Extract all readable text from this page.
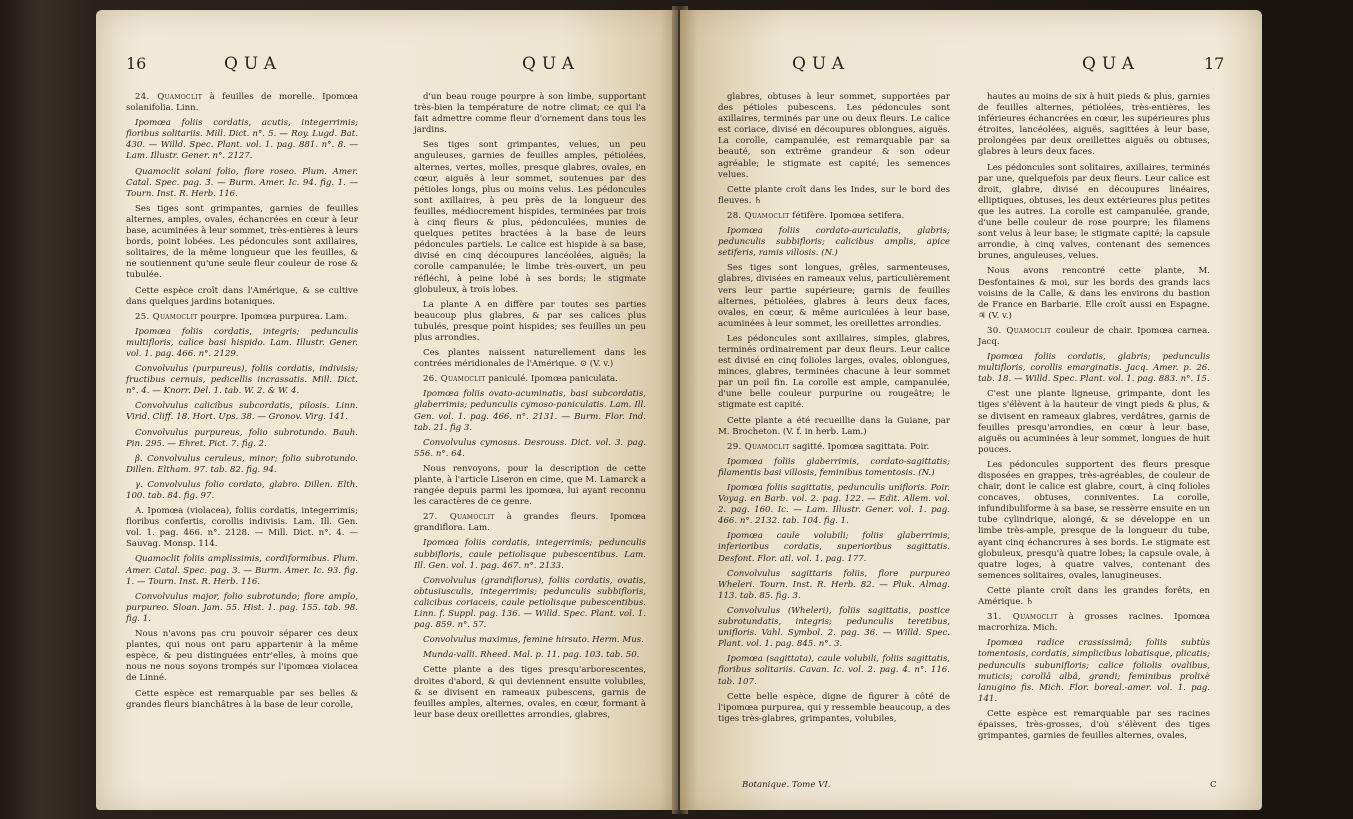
16	QUA	QUA

24. Quamoclit à feuilles de morelle. Ipomœa solanifolia. Linn.

Ipomœa foliis cordatis, acutis, integerrimis; floribus solitariis. Mill. Dict. n°. 5. — Roy. Lugd. Bat. 430. — Willd. Spec. Plant. vol. 1. pag. 881. n°. 8. — Lam. Illustr. Gener. n°. 2127.

Quamoclit solani folio, flore roseo. Plum. Amer. Catal. Spec. pag. 3. — Burm. Amer. Ic. 94. fig. 1. — Tourn. Inst. R. Herb. 116.

Ses tiges sont grimpantes, garnies de feuilles alternes, amples, ovales, échancrées en cœur à leur base, acuminées à leur sommet, très-entières à leurs bords, point lobées. Les pédoncules sont axillaires, solitaires, de la même longueur que les feuilles, & ne soutiennent qu'une seule fleur couleur de rose & tubulée.

Cette espèce croît dans l'Amérique, & se cultive dans quelques jardins botaniques.

25. Quamoclit pourpre. Ipomœa purpurea. Lam.

Ipomœa foliis cordatis, integris; pedunculis multifloris, calice basi hispido. Lam. Illustr. Gener. vol. 1. pag. 466. n°. 2129.

Convolvulus (purpureus), foliis cordatis, indivisis; fructibus cernuis, pedicellis incrassatis. Mill. Dict. n°. 4. — Knorr. Del. 1. tab. W. 2. & W. 4.

Convolvulus calicibus subcordatis, pilosis. Linn. Virid. Cliff. 18. Hort. Ups. 38. — Gronov. Virg. 141.

Convolvulus purpureus, folio subrotundo. Bauh. Pin. 295. — Ehret. Pict. 7. fig. 2.

β. Convolvulus ceruleus, minor; folio subrotundo. Dillen. Eltham. 97. tab. 82. fig. 94.

γ. Convolvulus folio cordato, glabro. Dillen. Elth. 100. tab. 84. fig. 97.

A. Ipomœa (violacea), foliis cordatis, integerrimis; floribus confertis, corollis indivisis. Lam. Ill. Gen. vol. 1. pag. 466. n°. 2128. — Mill. Dict. n°. 4. — Sauvag. Monsp. 114.

Quamoclit foliis amplissimis, cordiformibus. Plum. Amer. Catal. Spec. pag. 3. — Burm. Amer. Ic. 93. fig. 1. — Tourn. Inst. R. Herb. 116.

Convolvulus major, folio subrotundo; flore amplo, purpureo. Sloan. Jam. 55. Hist. 1. pag. 155. tab. 98. fig. 1.

Nous n'avons pas cru pouvoir séparer ces deux plantes, qui nous ont paru appartenir à la même espèce, & peu distinguées entr'elles, à moins que nous ne nous soyons trompés sur l'ipomœa violacea de Linné.

Cette espèce est remarquable par ses belles & grandes fleurs bianchâtres à la base de leur corolle,

d'un beau rouge pourpre à son limbe, supportant très-bien la température de notre climat; ce qui l'a fait admettre comme fleur d'ornement dans tous les jardins.

Ses tiges sont grimpantes, velues, un peu anguleuses, garnies de feuilles amples, pétiolées, alternes, vertes, molles, presque glabres, ovales, en cœur, aiguës à leur sommet, soutenues par des pétioles longs, plus ou moins velus. Les pédoncules sont axillaires, à peu près de la longueur des feuilles, médiocrement hispides, terminées par trois à cinq fleurs & plus, pédonculées, munies de quelques petites bractées à la base de leurs pédoncules partiels. Le calice est hispide à sa base, divisé en cinq découpures lancéolées, aiguës; la corolle campanulée; le limbe très-ouvert, un peu réfléchi, à peine lobé à ses bords; le stigmate globuleux, à trois lobes.

La plante A en diffère par toutes ses parties beaucoup plus glabres, & par ses calices plus tubulés, presque point hispides; ses feuilles un peu plus arrondies.

Ces plantes naissent naturellement dans les contrées méridionales de l'Amérique. ⊙ (V. v.)

26. Quamoclit paniculé. Ipomœa paniculata.

Ipomœa foliis ovato-acuminatis, basi subcordatis, glaberrimis; pedunculis cymoso-paniculatis. Lam. Ill. Gen. vol. 1. pag. 466. n°. 2131. — Burm. Flor. Ind. tab. 21. fig 3.

Convolvulus cymosus. Desrouss. Dict. vol. 3. pag. 556. n°. 64.

Nous renvoyons, pour la description de cette plante, à l'article Liseron en cime, que M. Lamarck a rangée depuis parmi les ipomœa, lui ayant reconnu les caractères de ce genre.

27. Quamoclit à grandes fleurs. Ipomœa grandiflora. Lam.

Ipomœa foliis cordatis, integerrimis; pedunculis subbifloris, caule petiolisque pubescentibus. Lam. Ill. Gen. vol. 1. pag. 467. n°. 2133.

Convolvulus (grandiflorus), foliis cordatis, ovatis, obtusiusculis, integerrimis; pedunculis subbifloris, calicibus coriaceis, caule petiolisque pubescentibus. Linn. f. Suppl. pag. 136. — Willd. Spec. Plant. vol. 1. pag. 859. n°. 57.

Convolvulus maximus, femine hirsuto. Herm. Mus.

Munda-valli. Rheed. Mal. p. 11. pag. 103. tab. 50.

Cette plante a des tiges presqu'arborescentes, droites d'abord, & qui deviennent ensuite volubiles, & se divisent en rameaux pubescens, garnis de feuilles amples, alternes, ovales, en cœur, formant à leur base deux oreillettes arrondies, glabres,

QUA	QUA	17

glabres, obtuses à leur sommet, supportées par des pétioles pubescens. Les pédoncules sont axillaires, terminés par une ou deux fleurs. Le calice est coriace, divisé en découpures oblongues, aiguës. La corolle, campanulée, est remarquable par sa beauté, son extrême grandeur & son odeur agréable; le stigmate est capité; les semences velues.

Cette plante croît dans les Indes, sur le bord des fleuves. ♄

28. Quamoclit fétifère. Ipomœa setifera.

Ipomœa foliis cordato-auriculatis, glabris; pedunculis subbifloris; calicibus amplis, apice setiferis, ramis villosis. (N.)

Ses tiges sont longues, grêles, sarmenteuses, glabres, divisées en rameaux velus, particulièrement vers leur partie supérieure; garnis de feuilles alternes, pétiolées, glabres à leurs deux faces, ovales, en cœur, & même auriculées à leur base, acuminées à leur sommet, les oreillettes arrondies.

Les pédoncules sont axillaires, simples, glabres, terminés ordinairement par deux fleurs. Leur calice est divisé en cinq folioles larges, ovales, oblongues, minces, glabres, terminées chacune à leur sommet par un poil fin. La corolle est ample, campanulée, d'une belle couleur purpurine ou rougeâtre; le stigmate est capité.

Cette plante a été recueillie dans la Guiane, par M. Brocheton. (V. f. in herb. Lam.)

29. Quamoclit sagitté. Ipomœa sagittata. Poir.

Ipomœa foliis glaberrimis, cordato-sagittatis; filamentis basi villosis, feminibus tomentosis. (N.)

Ipomœa foliis sagittatis, pedunculis unifloris. Poir. Voyag. en Barb. vol. 2. pag. 122. — Edit. Allem. vol. 2. pag. 160. Ic. — Lam. Illustr. Gener. vol. 1. pag. 466. n°. 2132. tab. 104. fig. 1.

Ipomœa caule volubili; foliis glaberrimis, inferioribus cordatis, superioribus sagittatis. Desfont. Flor. atl. vol. 1. pag. 177.

Convolvulus sagittaris foliis, flore purpureo Wheleri. Tourn. Inst. R. Herb. 82. — Pluk. Almag. 113. tab. 85. fig. 3.

Convolvulus (Wheleri), foliis sagittatis, postice subrotundatis, integris; pedunculis teretibus, unifloris. Vahl. Symbol. 2. pag. 36. — Willd. Spec. Plant. vol. 1. pag. 845. n°. 3.

Ipomœa (sagittata), caule volubili, foliis sagittatis, floribus solitariis. Cavan. Ic. vol. 2. pag. 4. n°. 116. tab. 107.

Cette belle espèce, digne de figurer à côté de l'ipomœa purpurea, qui y ressemble beaucoup, a des tiges très-glabres, grimpantes, volubiles,

hautes au moins de six à huit pieds & plus, garnies de feuilles alternes, pétiolées, très-entières, les inférieures échancrées en cœur, les supérieures plus étroites, lancéolées, aiguës, sagittées à leur base, prolongées par deux oreillettes aiguës ou obtuses, glabres à leurs deux faces.

Les pédoncules sont solitaires, axillaires, terminés par une, quelquefois par deux fleurs. Leur calice est droit, glabre, divisé en découpures linéaires, elliptiques, obtuses, les deux extérieures plus petites que les autres. La corolle est campanulée, grande, d'une belle couleur de rose pourpre; les filamens sont velus à leur base; le stigmate capité; la capsule arrondie, à cinq valves, contenant des semences brunes, anguleuses, velues.

Nous avons rencontré cette plante, M. Desfontaines & moi, sur les bords des grands lacs voisins de la Calle, & dans les environs du bastion de France en Barbarie. Elle croît aussi en Espagne. ♃ (V. v.)

30. Quamoclit couleur de chair. Ipomœa carnea. Jacq.

Ipomœa foliis cordatis, glabris; pedunculis multifloris, corollis emarginatis. Jacq. Amer. p. 26. tab. 18. — Willd. Spec. Plant. vol. 1. pag. 883. n°. 15.

C'est une plante ligneuse, grimpante, dont les tiges s'élèvent à la hauteur de vingt pieds & plus, & se divisent en rameaux glabres, verdâtres, garnis de feuilles presqu'arrondies, en cœur à leur base, aiguës ou acuminées à leur sommet, longues de huit pouces.

Les pédoncules supportent des fleurs presque disposées en grappes, très-agréables, de couleur de chair, dont le calice est glabre, court, à cinq folioles concaves, obtuses, conniventes. La corolle, infundibuliforme à sa base, se ressèrre ensuite en un tube cylindrique, alongé, & se développe en un limbe très-ample, presque de la longueur du tube, ayant cinq échancrures à ses bords. Le stigmate est globuleux, presqu'à quatre lobes; la capsule ovale, à quatre loges, à quatre valves, contenant des semences solitaires, ovales, lanugineuses.

Cette plante croît dans les grandes forêts, en Amérique. ♄

31. Quamoclit à grosses racines. Ipomœa macrorhiza. Mich.

Ipomœa radice crassissimâ; foliis subtùs tomentosis, cordatis, simplicibus lobatisque, plicatis; pedunculis subunifloris; calice foliolis ovalibus, muticis; corollâ albâ, grandi; feminibus prolixè lanugino fis. Mich. Flor. boreal.-amer. vol. 1. pag. 141.

Cette espèce est remarquable par ses racines épaisses, très-grosses, d'où s'élèvent des tiges grimpantes, garnies de feuilles alternes, ovales,

Botanique. Tome VI.	C
